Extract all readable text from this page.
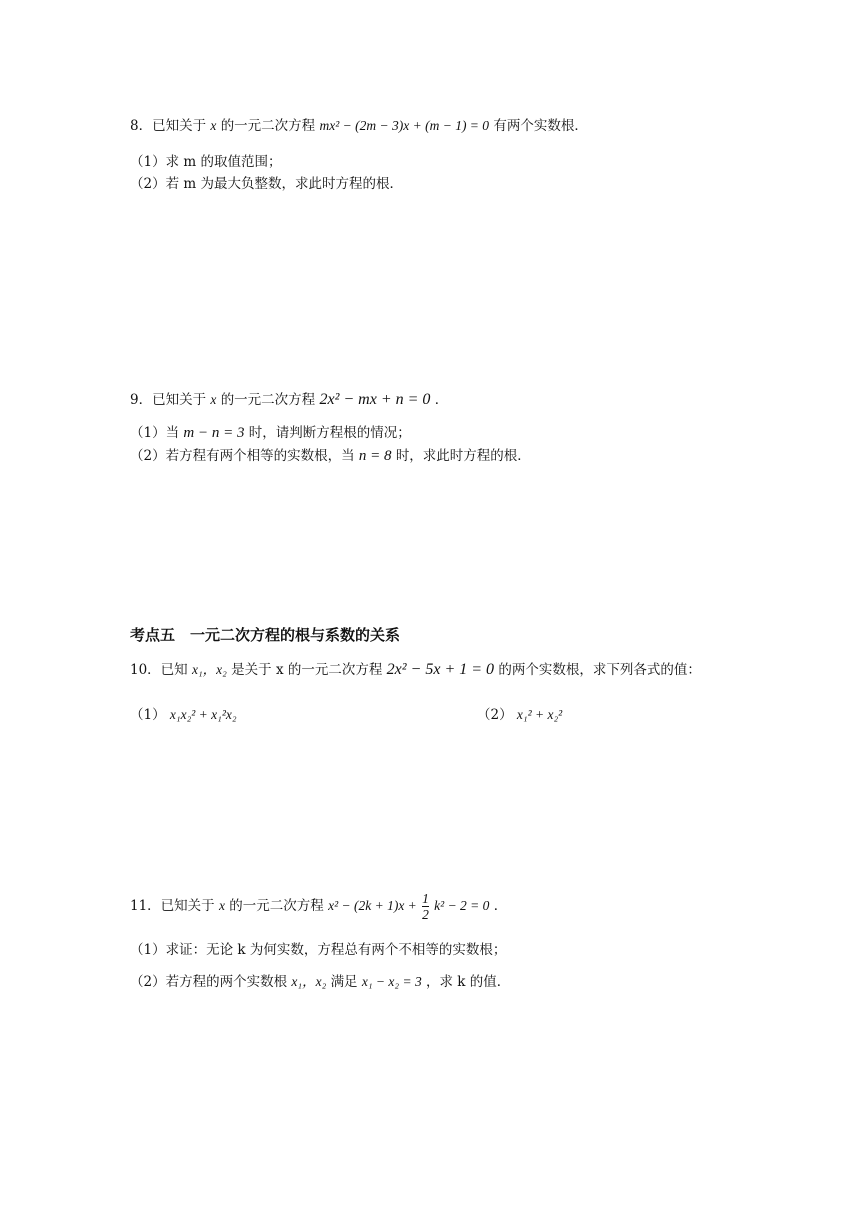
8．已知关于 x 的一元二次方程 mx² − (2m − 3)x + (m − 1) = 0 有两个实数根．
（1）求 m 的取值范围；
（2）若 m 为最大负整数，求此时方程的根．
9．已知关于 x 的一元二次方程 2x² − mx + n = 0 ．
（1）当 m − n = 3 时，请判断方程根的情况；
（2）若方程有两个相等的实数根，当 n = 8 时，求此时方程的根．
考点五　一元二次方程的根与系数的关系
10．已知 x₁，x₂ 是关于 x 的一元二次方程 2x² − 5x + 1 = 0 的两个实数根，求下列各式的值：
（1） x₁x₂² + x₁²x₂	（2） x₁² + x₂²
11．已知关于 x 的一元二次方程 $x^2 - (2k + 1)x + \frac{1}{2} k^2 - 2 = 0$ ．
（1）求证：无论 k 为何实数，方程总有两个不相等的实数根；
（2）若方程的两个实数根 x₁，x₂ 满足 x₁ − x₂ = 3 ，求 k 的值．
